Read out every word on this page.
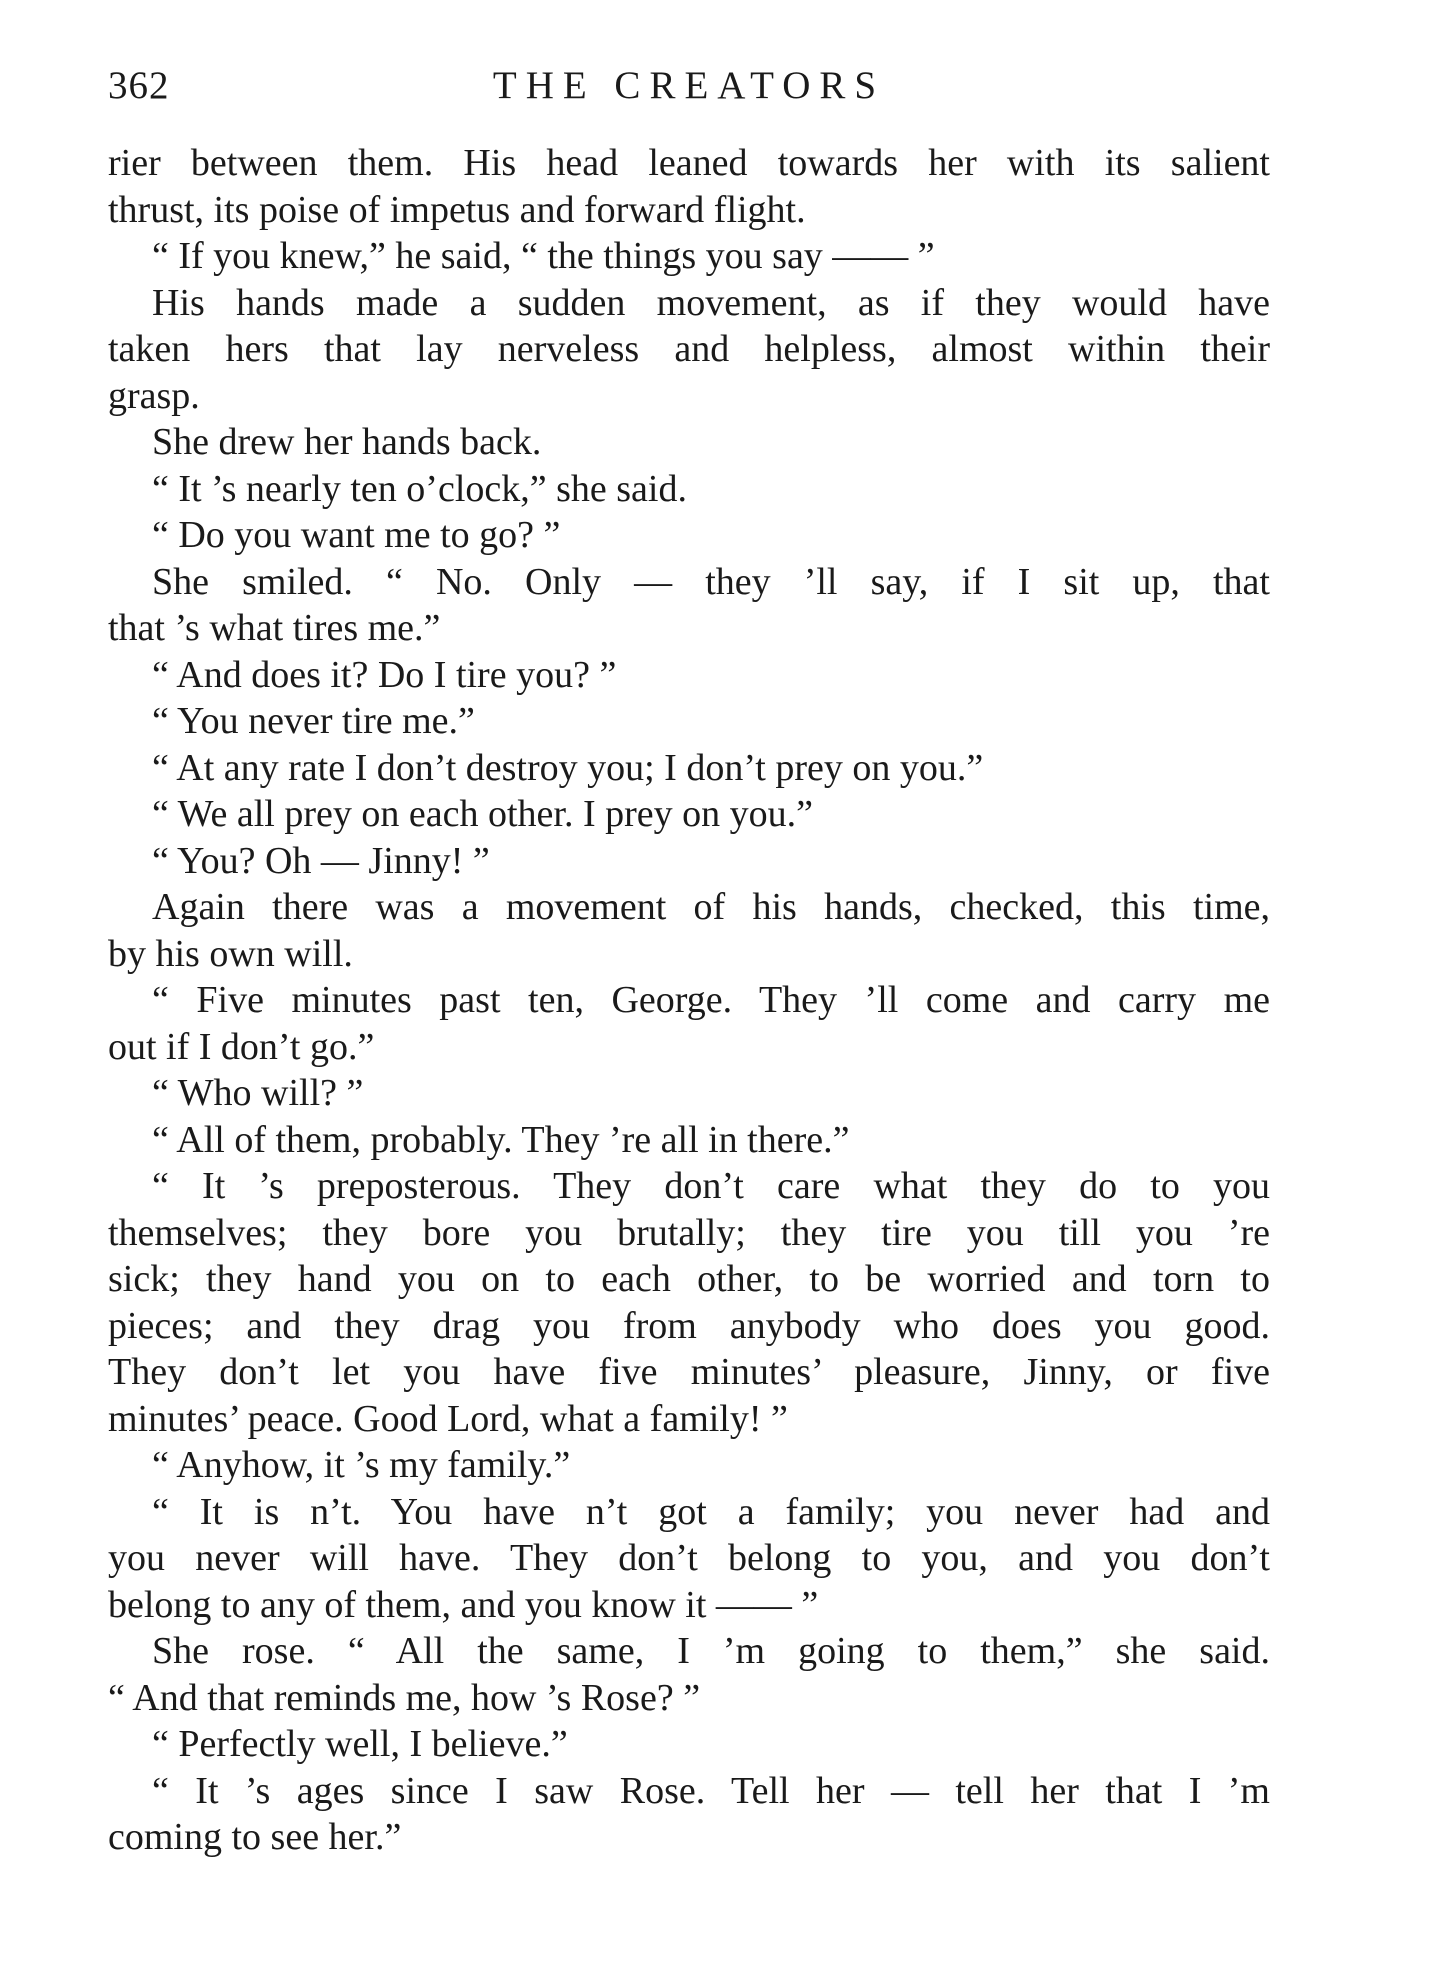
362	THE CREATORS
rier between them. His head leaned towards her with its salient
thrust, its poise of impetus and forward flight.
“ If you knew,” he said, “ the things you say —— ”
His hands made a sudden movement, as if they would have
taken hers that lay nerveless and helpless, almost within their
grasp.
She drew her hands back.
“ It ’s nearly ten o’clock,” she said.
“ Do you want me to go? ”
She smiled. “ No. Only — they ’ll say, if I sit up, that
that ’s what tires me.”
“ And does it? Do I tire you? ”
“ You never tire me.”
“ At any rate I don’t destroy you; I don’t prey on you.”
“ We all prey on each other. I prey on you.”
“ You? Oh — Jinny! ”
Again there was a movement of his hands, checked, this time,
by his own will.
“ Five minutes past ten, George. They ’ll come and carry me
out if I don’t go.”
“ Who will? ”
“ All of them, probably. They ’re all in there.”
“ It ’s preposterous. They don’t care what they do to you
themselves; they bore you brutally; they tire you till you ’re
sick; they hand you on to each other, to be worried and torn to
pieces; and they drag you from anybody who does you good.
They don’t let you have five minutes’ pleasure, Jinny, or five
minutes’ peace. Good Lord, what a family! ”
“ Anyhow, it ’s my family.”
“ It is n’t. You have n’t got a family; you never had and
you never will have. They don’t belong to you, and you don’t
belong to any of them, and you know it —— ”
She rose. “ All the same, I ’m going to them,” she said.
“ And that reminds me, how ’s Rose? ”
“ Perfectly well, I believe.”
“ It ’s ages since I saw Rose. Tell her — tell her that I ’m
coming to see her.”
